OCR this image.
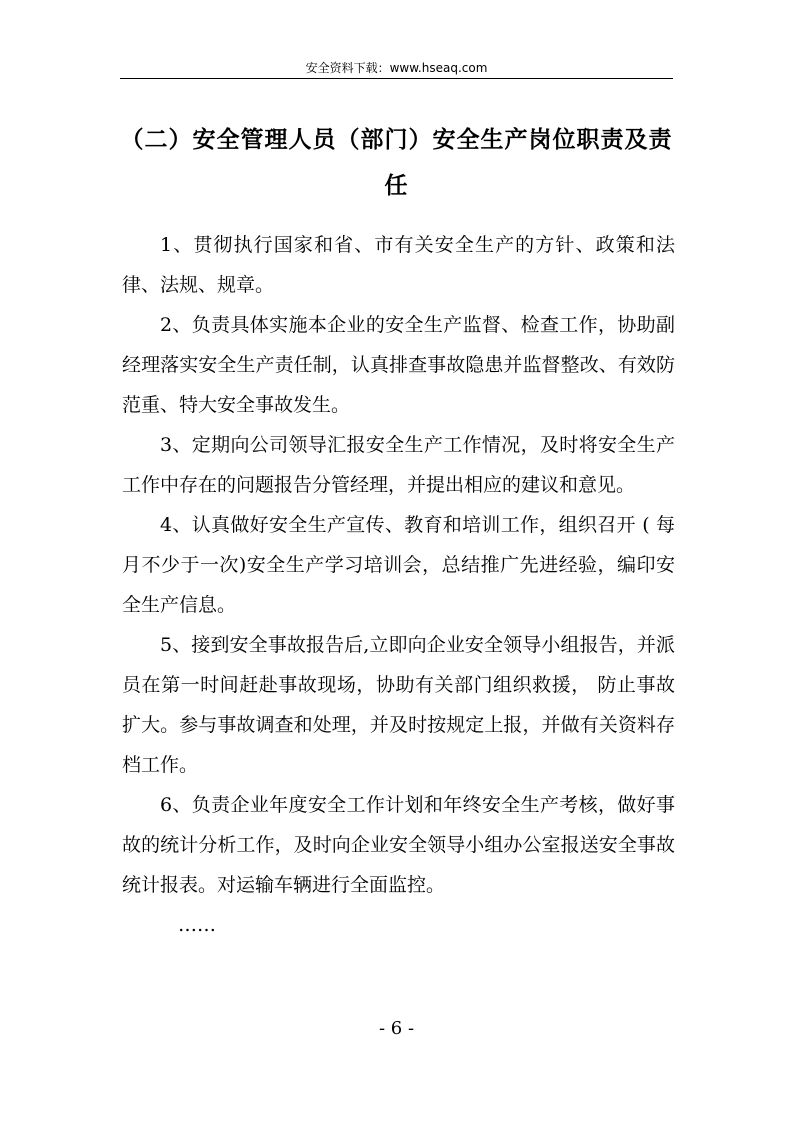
安全资料下载：www.hseaq.com
（二）安全管理人员（部门）安全生产岗位职责及责任

1、贯彻执行国家和省、市有关安全生产的方针、政策和法律、法规、规章。

2、负责具体实施本企业的安全生产监督、检查工作，协助副经理落实安全生产责任制，认真排查事故隐患并监督整改、有效防范重、特大安全事故发生。

3、定期向公司领导汇报安全生产工作情况，及时将安全生产工作中存在的问题报告分管经理，并提出相应的建议和意见。

4、认真做好安全生产宣传、教育和培训工作，组织召开 ( 每月不少于一次)安全生产学习培训会，总结推广先进经验，编印安全生产信息。

5、接到安全事故报告后,立即向企业安全领导小组报告，并派员在第一时间赶赴事故现场，协助有关部门组织救援， 防止事故扩大。参与事故调查和处理，并及时按规定上报，并做有关资料存档工作。

6、负责企业年度安全工作计划和年终安全生产考核，做好事故的统计分析工作，及时向企业安全领导小组办公室报送安全事故统计报表。对运输车辆进行全面监控。

……

- 6 -
